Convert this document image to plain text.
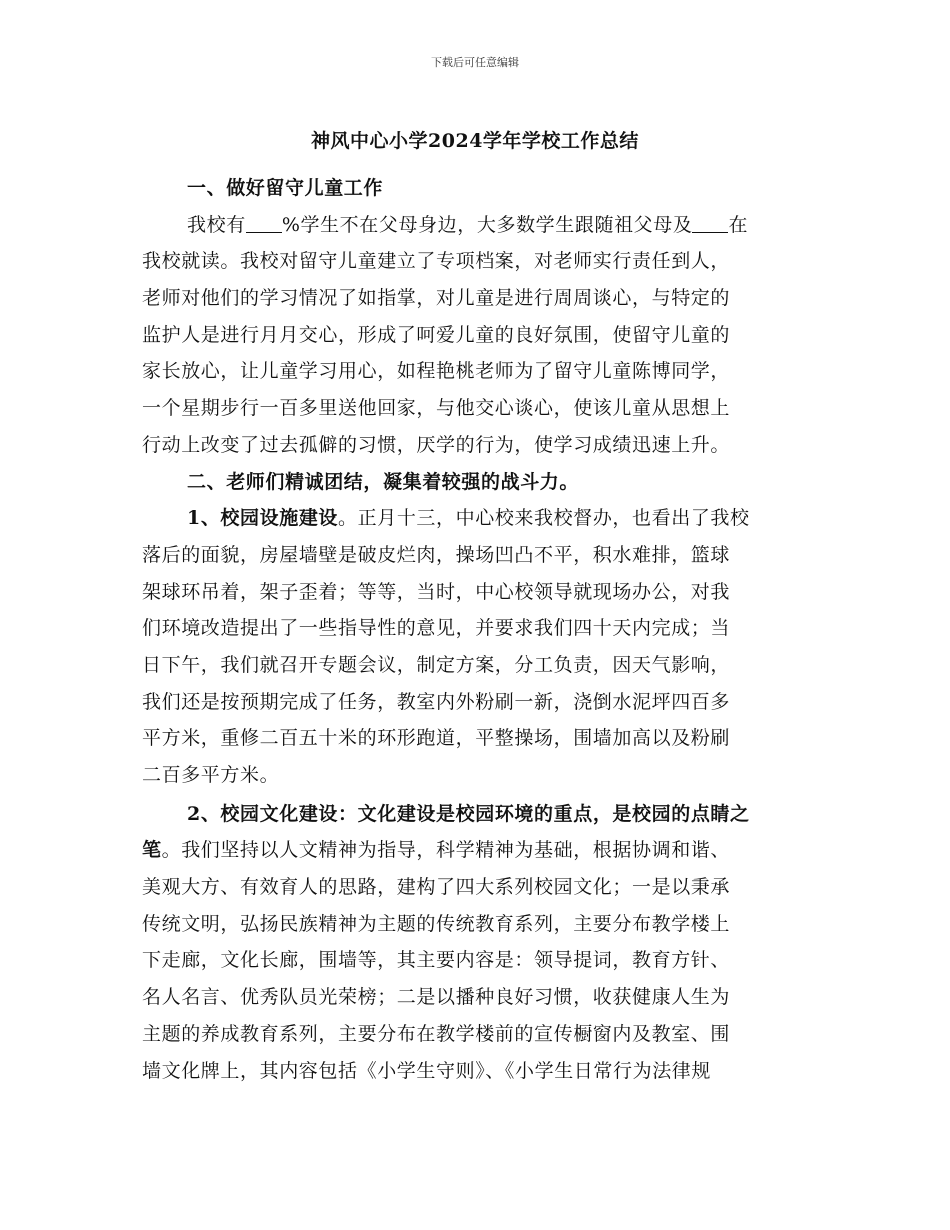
下载后可任意编辑
神风中心小学2024学年学校工作总结
一、做好留守儿童工作
我校有 %学生不在父母身边，大多数学生跟随祖父母及 在
我校就读。我校对留守儿童建立了专项档案，对老师实行责任到人，
老师对他们的学习情况了如指掌，对儿童是进行周周谈心，与特定的
监护人是进行月月交心，形成了呵爱儿童的良好氛围，使留守儿童的
家长放心，让儿童学习用心，如程艳桃老师为了留守儿童陈博同学，
一个星期步行一百多里送他回家，与他交心谈心，使该儿童从思想上
行动上改变了过去孤僻的习惯，厌学的行为，使学习成绩迅速上升。
二、老师们精诚团结，凝集着较强的战斗力。
1、校园设施建设。正月十三，中心校来我校督办，也看出了我校
落后的面貌，房屋墙壁是破皮烂肉，操场凹凸不平，积水难排，篮球
架球环吊着，架子歪着；等等，当时，中心校领导就现场办公，对我
们环境改造提出了一些指导性的意见，并要求我们四十天内完成；当
日下午，我们就召开专题会议，制定方案，分工负责，因天气影响，
我们还是按预期完成了任务，教室内外粉刷一新，浇倒水泥坪四百多
平方米，重修二百五十米的环形跑道，平整操场，围墙加高以及粉刷
二百多平方米。
2、校园文化建设：文化建设是校园环境的重点，是校园的点睛之
笔。我们坚持以人文精神为指导，科学精神为基础，根据协调和谐、
美观大方、有效育人的思路，建构了四大系列校园文化；一是以秉承
传统文明，弘扬民族精神为主题的传统教育系列，主要分布教学楼上
下走廊，文化长廊，围墙等，其主要内容是：领导提词，教育方针、
名人名言、优秀队员光荣榜；二是以播种良好习惯，收获健康人生为
主题的养成教育系列，主要分布在教学楼前的宣传橱窗内及教室、围
墙文化牌上，其内容包括《小学生守则》、《小学生日常行为法律规
